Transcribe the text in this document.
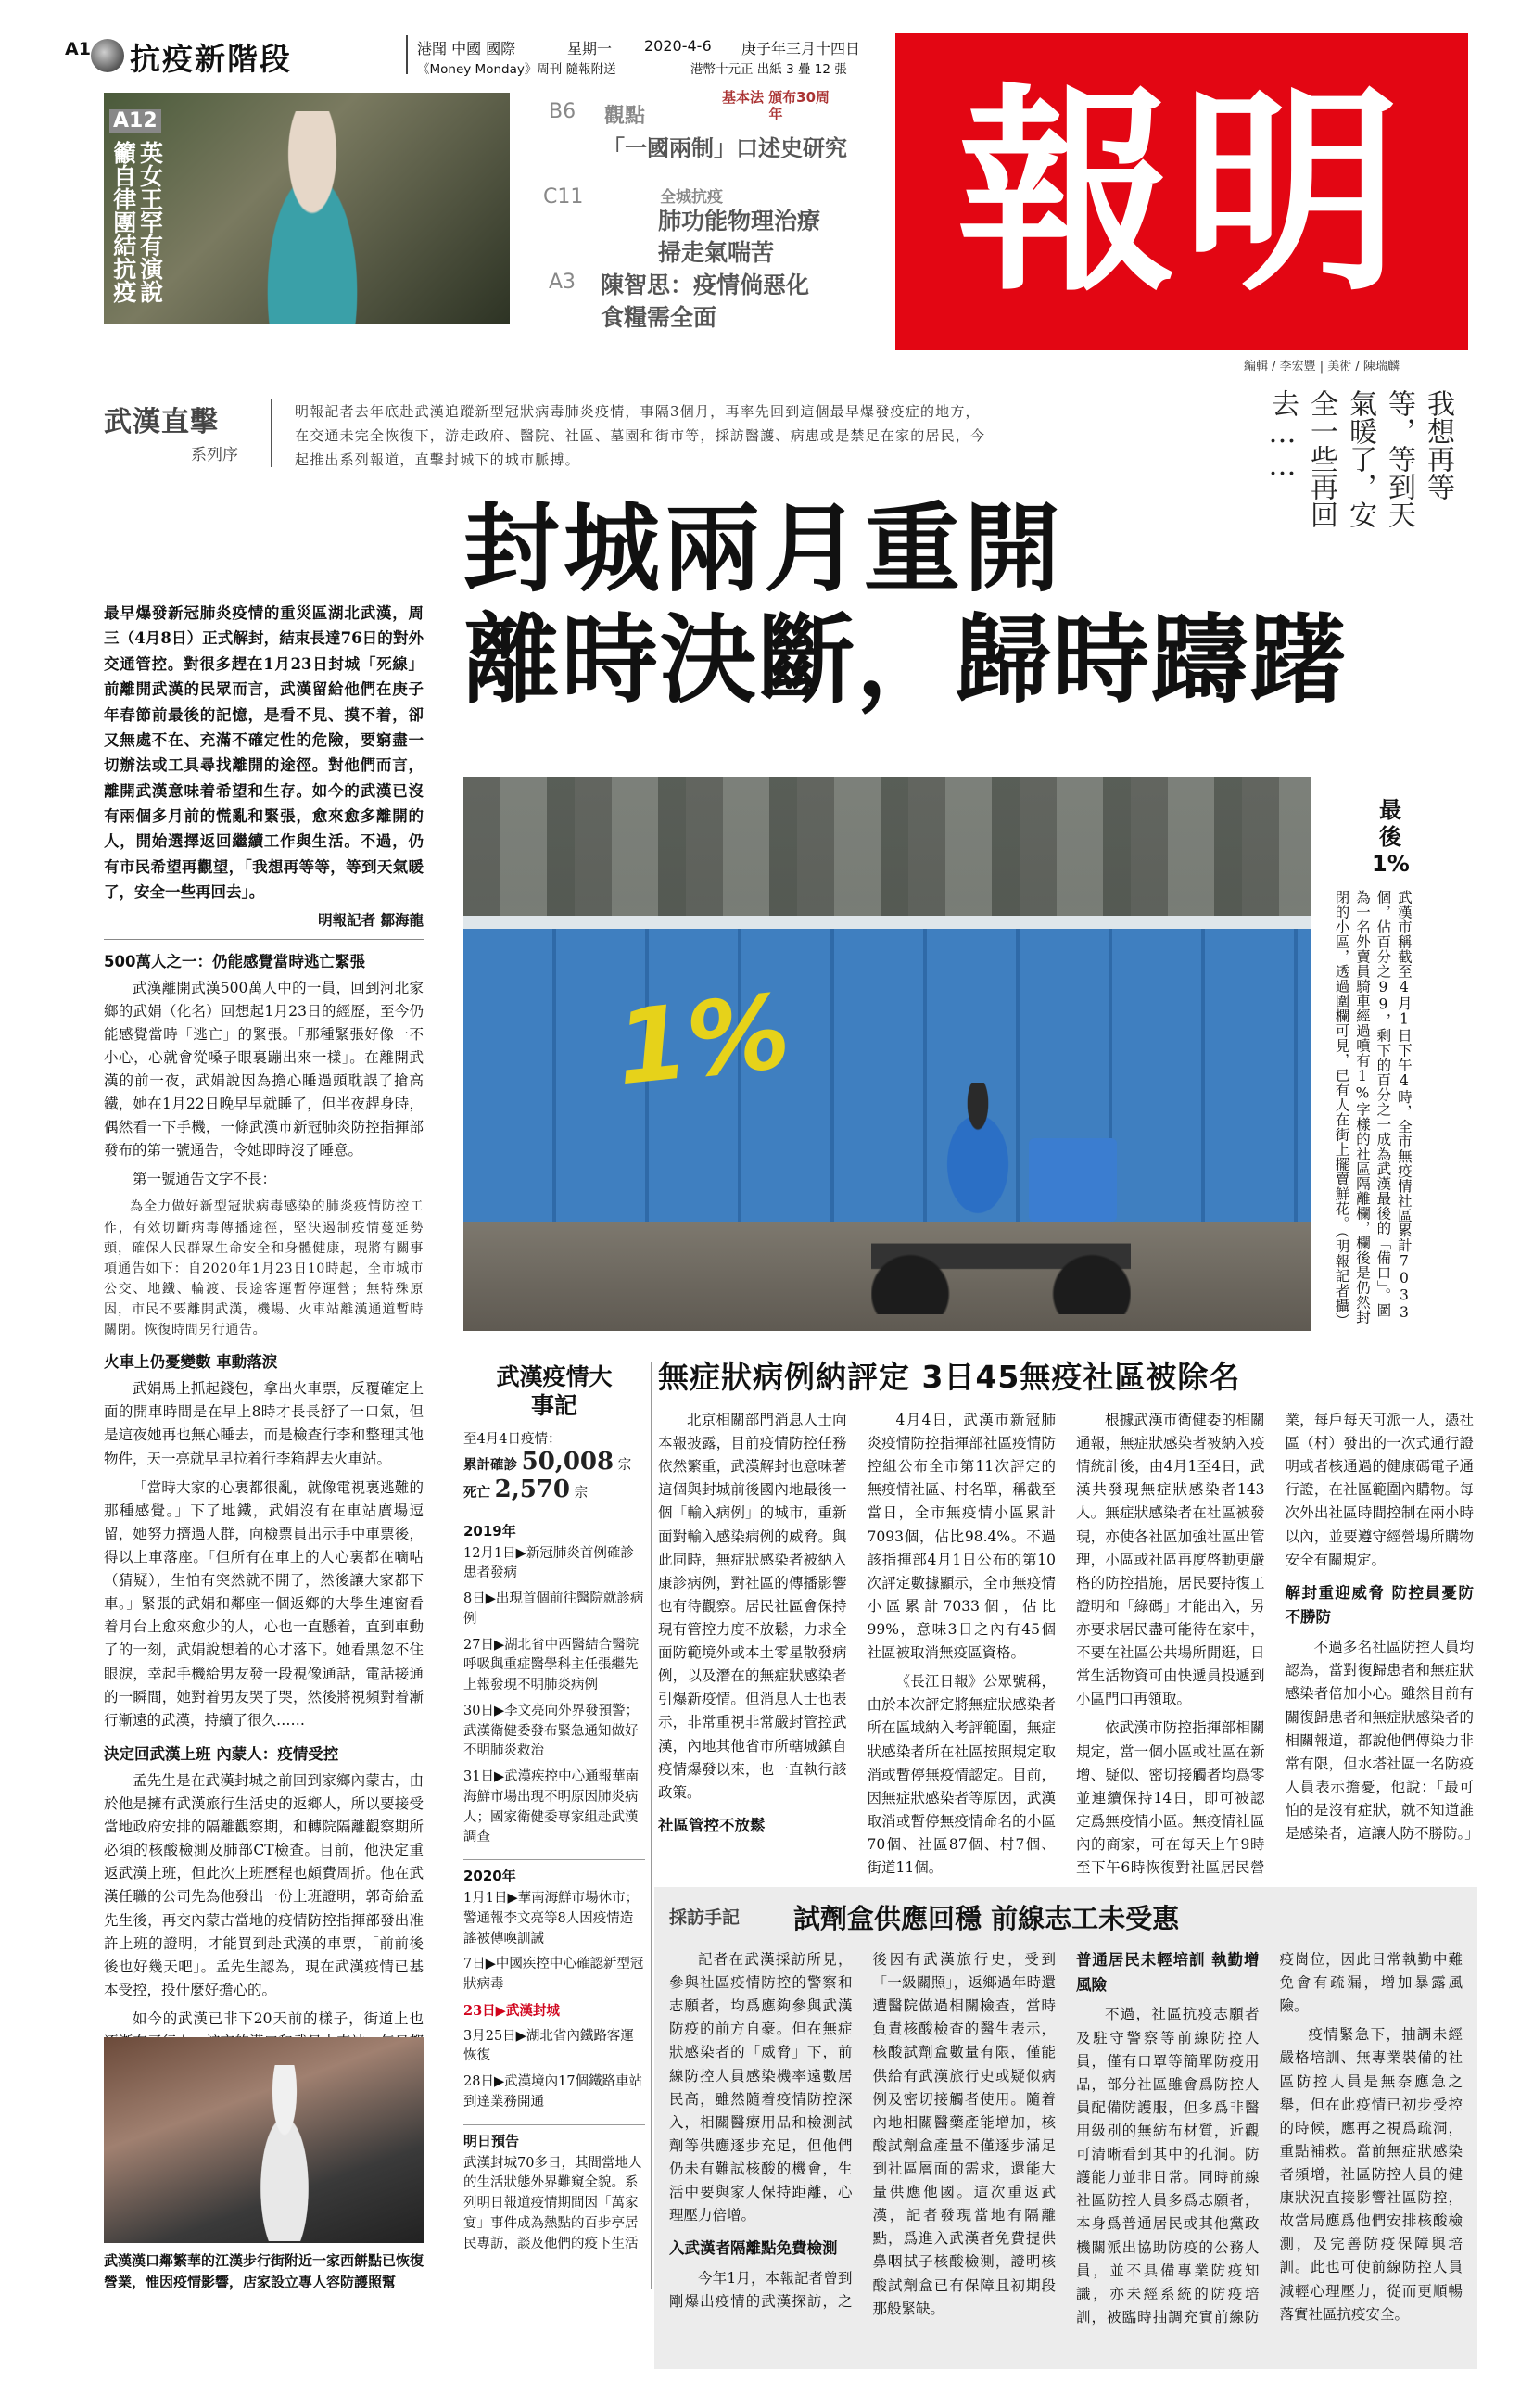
A1 抗疫新階段	港聞 中國 國際	星期一 2020-4-6 庚子年三月十四日
《Money Monday》周刊 隨報附送	港幣十元正 出紙 3 疊 12 張 明報
編輯 / 李宏豐 | 美術 / 陳瑞麟
A12
英女王罕有演說 籲自律團結抗疫
B6 觀點
基本法 頒布30周年
「一國兩制」口述史研究
C11	全城抗疫
肺功能物理治療 掃走氣喘苦
A3 陳智思：疫情倘惡化 食糧需全面
武漢直擊
系列序
明報記者去年底赴武漢追蹤新型冠狀病毒肺炎疫情，事隔3個月，再率先回到這個最早爆發疫症的地方，在交通未完全恢復下，游走政府、醫院、社區、墓園和街市等，採訪醫護、病患或是禁足在家的居民，今起推出系列報道，直擊封城下的城市脈搏。	我想再等等，等到天氣暖了，安全一些再回去……
封城兩月重開
離時決斷，歸時躊躇
最早爆發新冠肺炎疫情的重災區湖北武漢，周三（4月8日）正式解封，結束長達76日的對外交通管控。對很多趕在1月23日封城「死線」前離開武漢的民眾而言，武漢留給他們在庚子年春節前最後的記憶，是看不見、摸不着，卻又無處不在、充滿不確定性的危險，要窮盡一切辦法或工具尋找離開的途徑。對他們而言，離開武漢意味着希望和生存。如今的武漢已沒有兩個多月前的慌亂和緊張，愈來愈多離開的人，開始選擇返回繼續工作與生活。不過，仍有市民希望再觀望，「我想再等等，等到天氣暖了，安全一些再回去」。
明報記者 鄒海龍
500萬人之一：仍能感覺當時逃亡緊張

武漢離開武漢500萬人中的一員，回到河北家鄉的武娟（化名）回想起1月23日的經歷，至今仍能感覺當時「逃亡」的緊張。「那種緊張好像一不小心，心就會從嗓子眼裏蹦出來一樣」。在離開武漢的前一夜，武娟說因為擔心睡過頭耽誤了搶高鐵，她在1月22日晚早早就睡了，但半夜趕身時，偶然看一下手機，一條武漢市新冠肺炎防控指揮部發布的第一號通告，令她即時沒了睡意。

第一號通告文字不長：

為全力做好新型冠狀病毒感染的肺炎疫情防控工作，有效切斷病毒傳播途徑，堅決遏制疫情蔓延勢頭，確保人民群眾生命安全和身體健康，現將有關事項通告如下：自2020年1月23日10時起，全市城市公交、地鐵、輪渡、長途客運暫停運營；無特殊原因，市民不要離開武漢，機場、火車站離漢通道暫時關閉。恢復時間另行通告。
火車上仍憂變數 車動落淚

武娟馬上抓起錢包，拿出火車票，反覆確定上面的開車時間是在早上8時才長長舒了一口氣，但是這夜她再也無心睡去，而是檢查行李和整理其他物件，天一亮就早早拉着行李箱趕去火車站。

「當時大家的心裏都很亂，就像電視裏逃難的那種感覺。」下了地鐵，武娟沒有在車站廣場逗留，她努力擠過人群，向檢票員出示手中車票後，得以上車落座。「但所有在車上的人心裏都在嘀咕（猜疑），生怕有突然就不開了，然後讓大家都下車。」緊張的武娟和鄰座一個返鄉的大學生連窗看着月台上愈來愈少的人，心也一直懸着，直到車動了的一刻，武娟說想着的心才落下。她看黑忽不住眼淚，幸起手機給男友發一段視像通話，電話接通的一瞬間，她對着男友哭了哭，然後將視頻對着漸行漸遠的武漢，持續了很久……

決定回武漢上班 內蒙人：疫情受控

孟先生是在武漢封城之前回到家鄉內蒙古，由於他是擁有武漢旅行生活史的返鄉人，所以要接受當地政府安排的隔離觀察期，和轉院隔離觀察期所必須的核酸檢測及肺部CT檢查。目前，他決定重返武漢上班，但此次上班歷程也頗費周折。他在武漢任職的公司先為他發出一份上班證明，郭奇給孟先生後，再交內蒙古當地的疫情防控指揮部發出准許上班的證明，才能買到赴武漢的車票，「前前後後也好幾天吧」。孟先生認為，現在武漢疫情已基本受控，投什麼好擔心的。

如今的武漢已非下20天前的樣子，街道上也

武漢漢口鄰繁華的江漢步行街附近一家西餅點已恢復營業，惟因疫情影響，店家設立專人容防護照幫
1%
最後1%
武漢市稱截至4月1日下午4時，全市無疫情社區累計7033個，佔百分之99，剩下的百分之一成為武漢最後的「備口」。圖為一名外賣員騎車經過噴有1%字樣的社區隔離欄，欄後是仍然封閉的小區，透過圍欄可見，已有人在街上擺賣鮮花。（明報記者攝）
武漢疫情大事記
至4月4日疫情：
累計確診 50,008 宗
死亡 2,570 宗
2019年
12月1日▶新冠肺炎首例確診患者發病
8日▶出現首個前往醫院就診病例
27日▶湖北省中西醫結合醫院呼吸與重症醫學科主任張繼先上報發現不明肺炎病例
30日▶李文亮向外界發預警；武漢衛健委發布緊急通知做好不明肺炎救治
31日▶武漢疾控中心通報華南海鮮市場出現不明原因肺炎病人；國家衛健委專家組赴武漢調查
2020年
1月1日▶華南海鮮市場休市；警通報李文亮等8人因疫情造謠被傳喚訓誡
7日▶中國疾控中心確認新型冠狀病毒
23日▶武漢封城
3月25日▶湖北省內鐵路客運恢復
28日▶武漢境內17個鐵路車站到達業務開通
明日預告
武漢封城70多日，其間當地人的生活狀態外界難窺全貌。系列明日報道疫情期間因「萬家宴」事件成為熱點的百步亭居民專訪，談及他們的疫下生活
無症狀病例納評定 3日45無疫社區被除名

北京相關部門消息人士向本報披露，目前疫情防控任務依然繁重，武漢解封也意味著這個與封城前後國內地最後一個「輸入病例」的城市，重新面對輸入感染病例的威脅。與此同時，無症狀感染者被納入康診病例，對社區的傳播影響也有待觀察。居民社區會保持現有管控力度不放鬆，力求全面防範境外或本土零星散發病例，以及潛在的無症狀感染者引爆新疫情。但消息人士也表示，非常重視非常嚴封管控武漢，內地其他省市所轄城鎮自疫情爆發以來，也一直執行該政策。

社區管控不放鬆

4月4日，武漢市新冠肺炎疫情防控指揮部社區疫情防控組公布全市第11次評定的無疫情社區、村名單，稱截至當日，全市無疫情小區累計7093個，佔比98.4%。不過該指揮部4月1日公布的第10次評定數據顯示，全市無疫情小區累計7033個，佔比99%，意味3日之內有45個社區被取消無疫區資格。

《長江日報》公眾號稱，由於本次評定將無症狀感染者所在區域納入考評範圍，無症狀感染者所在社區按照規定取消或暫停無疫情認定。目前，因無症狀感染者等原因，武漢取消或暫停無疫情命名的小區70個、社區87個、村7個、街道11個。

根據武漢市衛健委的相關通報，無症狀感染者被納入疫情統計後，由4月1至4日，武漢共發現無症狀感染者143人。無症狀感染者在社區被發現，亦使各社區加強社區出管理，小區或社區再度啓動更嚴格的防控措施，居民要持復工證明和「綠碼」才能出入，另亦要求居民盡可能待在家中，不要在社區公共場所閒逛，日常生活物資可由快遞員投遞到小區門口再領取。

依武漢市防控指揮部相關規定，當一個小區或社區在新增、疑似、密切接觸者均爲零並連續保持14日，即可被認定爲無疫情小區。無疫情社區內的商家，可在每天上午9時至下午6時恢復對社區居民營業，每戶每天可派一人，憑社區（村）發出的一次式通行證明或者核通過的健康碼電子通行證，在社區範圍內購物。每次外出社區時間控制在兩小時以內，並要遵守經營場所購物安全有關規定。

解封重迎威脅 防控員憂防不勝防

不過多名社區防控人員均認為，當對復歸患者和無症狀感染者倍加小心。雖然目前有關復歸患者和無症狀感染者的相關報道，都說他們傳染力非常有限，但水塔社區一名防疫人員表示擔憂，他說：「最可怕的是沒有症狀，就不知道誰是感染者，這讓人防不勝防。」

採訪手記 試劑盒供應回穩 前線志工未受惠

記者在武漢採訪所見，參與社區疫情防控的警察和志願者，均爲應夠參與武漢防疫的前方自豪。但在無症狀感染者的「威脅」下，前線防控人員感染機率遠數居民高，雖然隨着疫情防控深入，相關醫療用品和檢測試劑等供應逐步充足，但他們仍未有難試核酸的機會，生活中要與家人保持距離，心理壓力倍增。

入武漢者隔離點免費檢測

今年1月，本報記者曾到剛爆出疫情的武漢探訪，之後因有武漢旅行史，受到「一級關照」，返鄉過年時還遭醫院做過相關檢查，當時負責核酸檢查的醫生表示，核酸試劑盒數量有限，僅能供給有武漢旅行史或疑似病例及密切接觸者使用。隨着內地相關醫藥產能增加，核酸試劑盒產量不僅逐步滿足到社區層面的需求，還能大量供應他國。這次重返武漢，記者發現當地有隔離點，爲進入武漢者免費提供鼻咽拭子核酸檢測，證明核酸試劑盒已有保障且初期段那般緊缺。

普通居民未輕培訓 執勤增風險

不過，社區抗疫志願者及駐守警察等前線防控人員，僅有口罩等簡單防疫用品，部分社區雖會爲防控人員配備防護服，但多爲非醫用級別的無紡布材質，近觀可清晰看到其中的孔洞。防護能力並非日常。同時前線社區防控人員多爲志願者，本身爲普通居民或其他黨政機關派出協助防疫的公務人員，並不具備專業防疫知識，亦未經系統的防疫培訓，被臨時抽調充實前線防疫崗位，因此日常執勤中難免會有疏漏，增加暴露風險。

疫情緊急下，抽調未經嚴格培訓、無專業裝備的社區防控人員是無奈應急之舉，但在此疫情已初步受控的時候，應再之視爲疏洞，重點補救。當前無症狀感染者頻增，社區防控人員的健康狀況直接影響社區防控，故當局應爲他們安排核酸檢測，及完善防疫保障與培訓。此也可使前線防控人員減輕心理壓力，從而更順暢落實社區抗疫安全。
